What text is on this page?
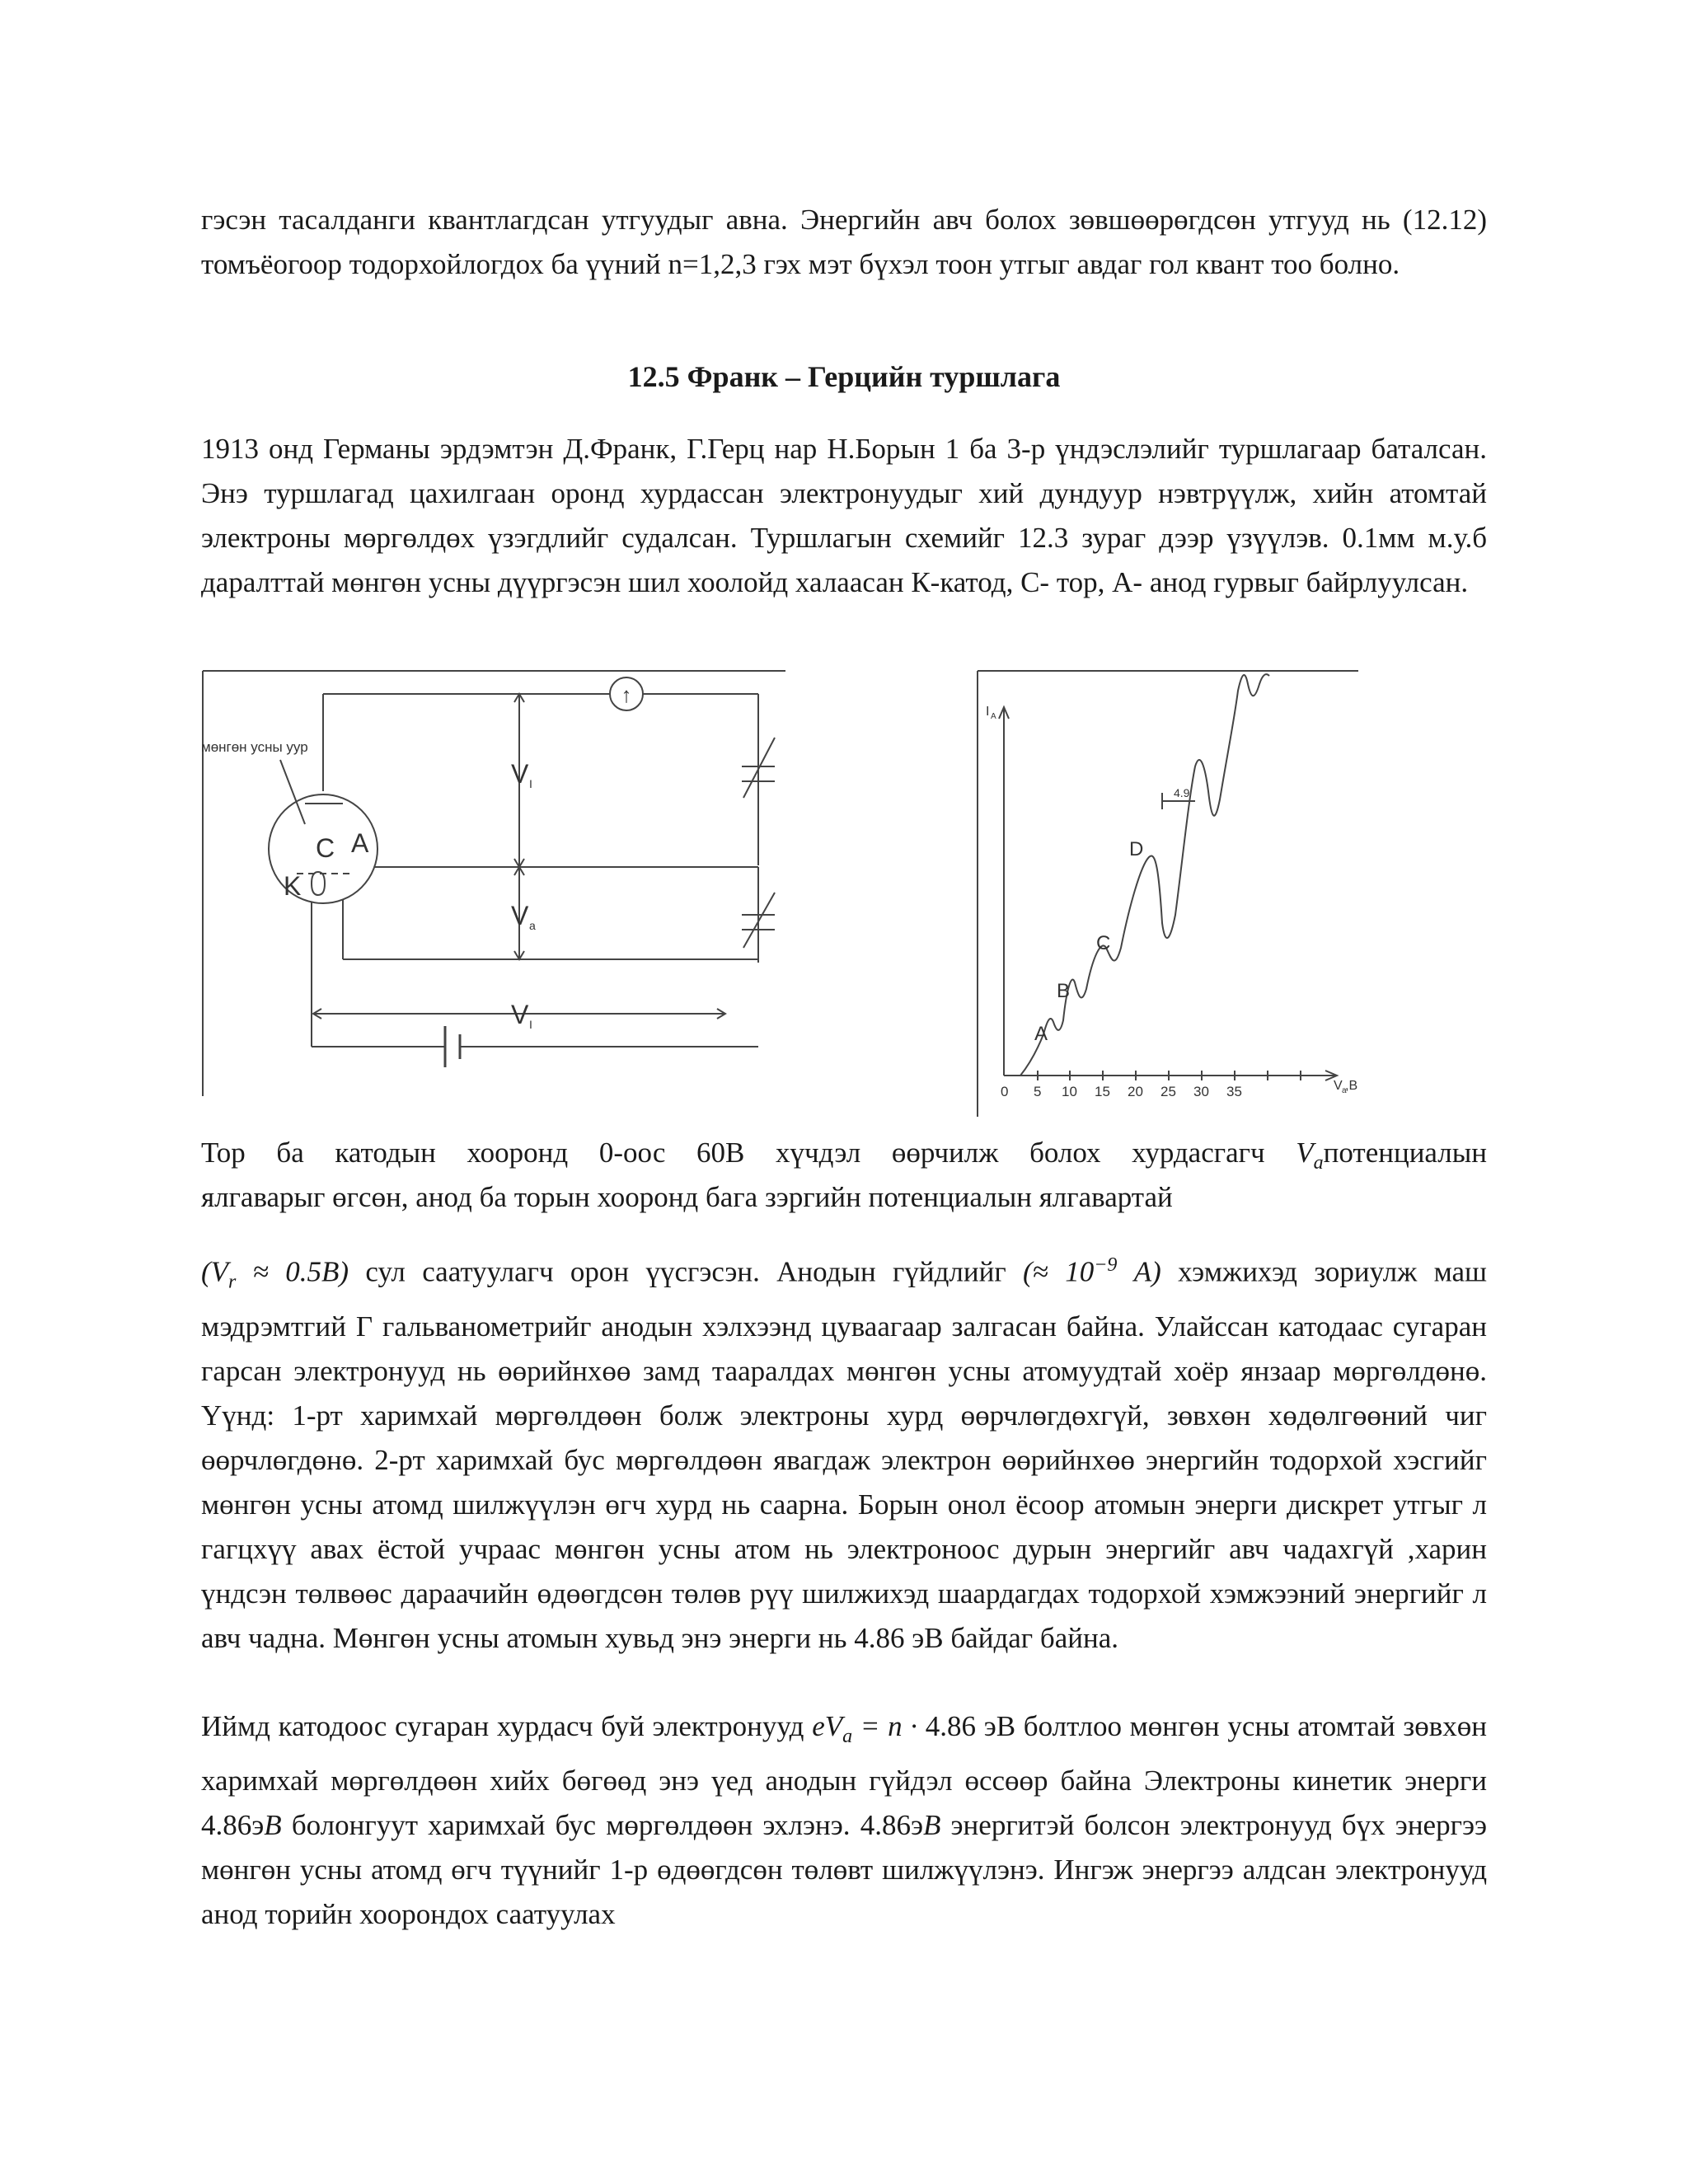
гэсэн тасалданги квантлагдсан утгуудыг авна. Энергийн авч болох зөвшөөрөгдсөн утгууд нь (12.12) томъёогоор тодорхойлогдох ба үүний n=1,2,3 гэх мэт бүхэл тоон утгыг авдаг гол квант тоо болно.

12.5 Франк – Герцийн туршлага

1913 онд Германы эрдэмтэн Д.Франк, Г.Герц нар Н.Борын 1 ба 3-р үндэслэлийг туршлагаар баталсан. Энэ туршлагад цахилгаан оронд хурдассан электронуудыг хий дундуур нэвтрүүлж, хийн атомтай электроны мөргөлдөх үзэгдлийг судалсан. Туршлагын схемийг 12.3 зураг дээр үзүүлэв. 0.1мм м.у.б даралттай мөнгөн усны дүүргэсэн шил хоолойд халаасан К-катод, С- тор, А- анод гурвыг байрлуулсан.

↑
мөнгөн усны уур
C A
K
V I
V a
V I
4.9
A
B
C
D
I A
V a
,B
0 5 10 15 20 25 30 35

Тор ба катодын хооронд 0-оос 60В хүчдэл өөрчилж болох хурдасгагч $V_aпотенциалын$

ялгаварыг өгсөн, анод ба торын хооронд бага зэргийн потенциалын ялгавартай

$(V_r \approx 0.5В)$ сул саатуулагч орон үүсгэсэн. Анодын гүйдлийг (≈ $10^{-9}$ A) хэмжихэд зориулж маш мэдрэмтгий Г гальванометрийг анодын хэлхээнд цуваагаар залгасан байна. Улайссан катодаас сугаран гарсан электронууд нь өөрийнхөө замд тааралдах мөнгөн усны атомуудтай хоёр янзаар мөргөлдөнө. Үүнд: 1-рт харимхай мөргөлдөөн болж электроны хурд өөрчлөгдөхгүй, зөвхөн хөдөлгөөний чиг өөрчлөгдөнө. 2-рт харимхай бус мөргөлдөөн явагдаж электрон өөрийнхөө энергийн тодорхой хэсгийг мөнгөн усны атомд шилжүүлэн өгч хурд нь саарна. Борын онол ёсоор атомын энерги дискрет утгыг л гагцхүү авах ёстой учраас мөнгөн усны атом нь электроноос дурын энергийг авч чадахгүй ,харин үндсэн төлвөөс дараачийн өдөөгдсөн төлөв рүү шилжихэд шаардагдах тодорхой хэмжээний энергийг л авч чадна. Мөнгөн усны атомын хувьд энэ энерги нь 4.86 эВ байдаг байна.

Иймд катодоос сугаран хурдасч буй электронууд $eV_a = n \cdot 4.86$ эВ болтлоо мөнгөн усны атомтай зөвхөн харимхай мөргөлдөөн хийх бөгөөд энэ үед анодын гүйдэл өссөөр байна Электроны кинетик энерги 4.86эB болонгуут харимхай бус мөргөлдөөн эхлэнэ. 4.86эB энергитэй болсон электронууд бүх энергээ мөнгөн усны атомд өгч түүнийг 1-р өдөөгдсөн төлөвт шилжүүлэнэ. Ингэж энергээ алдсан электронууд анод торийн хоорондох саатуулах
